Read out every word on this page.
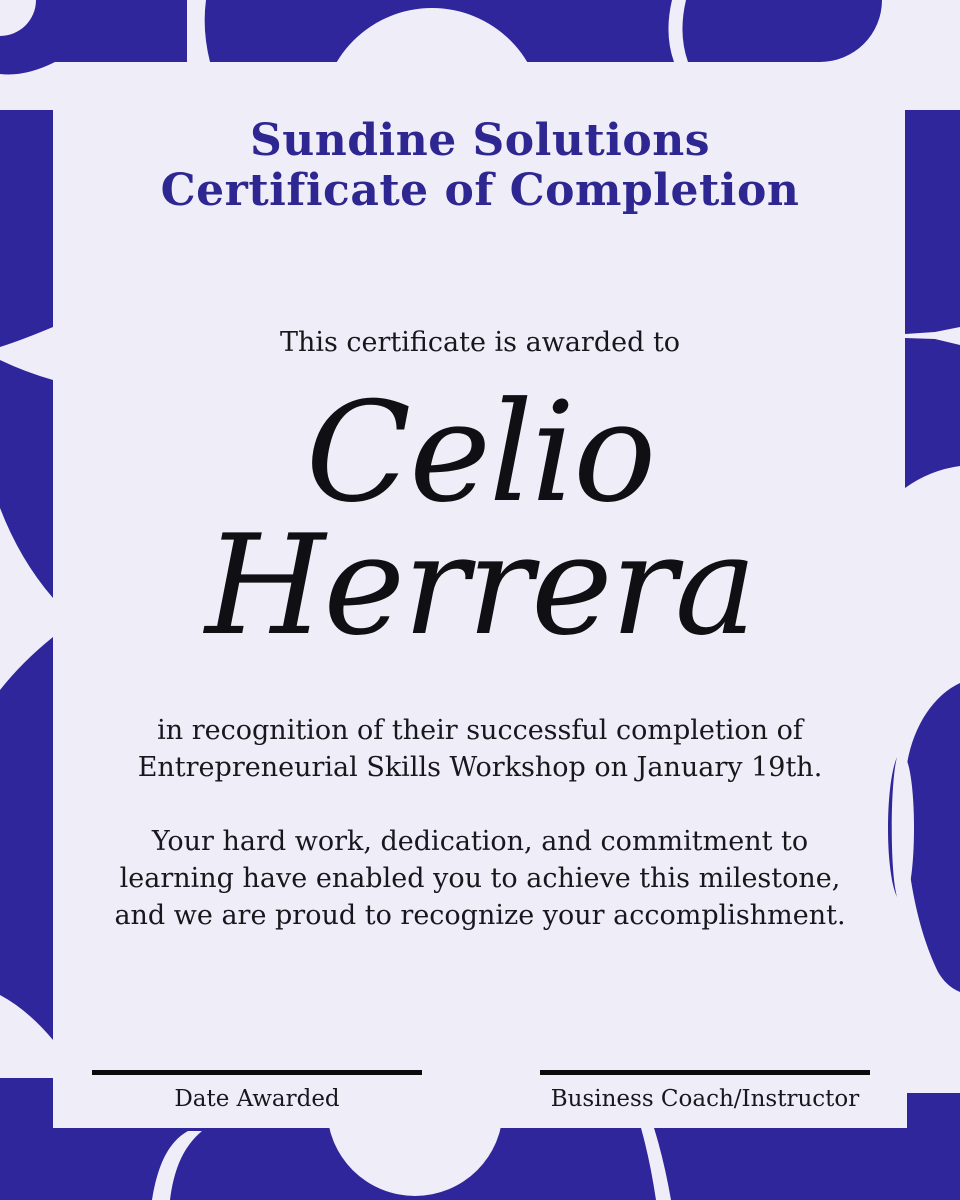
Sundine Solutions
Certificate of Completion
This certificate is awarded to
Celio
Herrera
in recognition of their successful completion of
Entrepreneurial Skills Workshop on January 19th.
Your hard work, dedication, and commitment to
learning have enabled you to achieve this milestone,
and we are proud to recognize your accomplishment.
Date Awarded	Business Coach/Instructor
